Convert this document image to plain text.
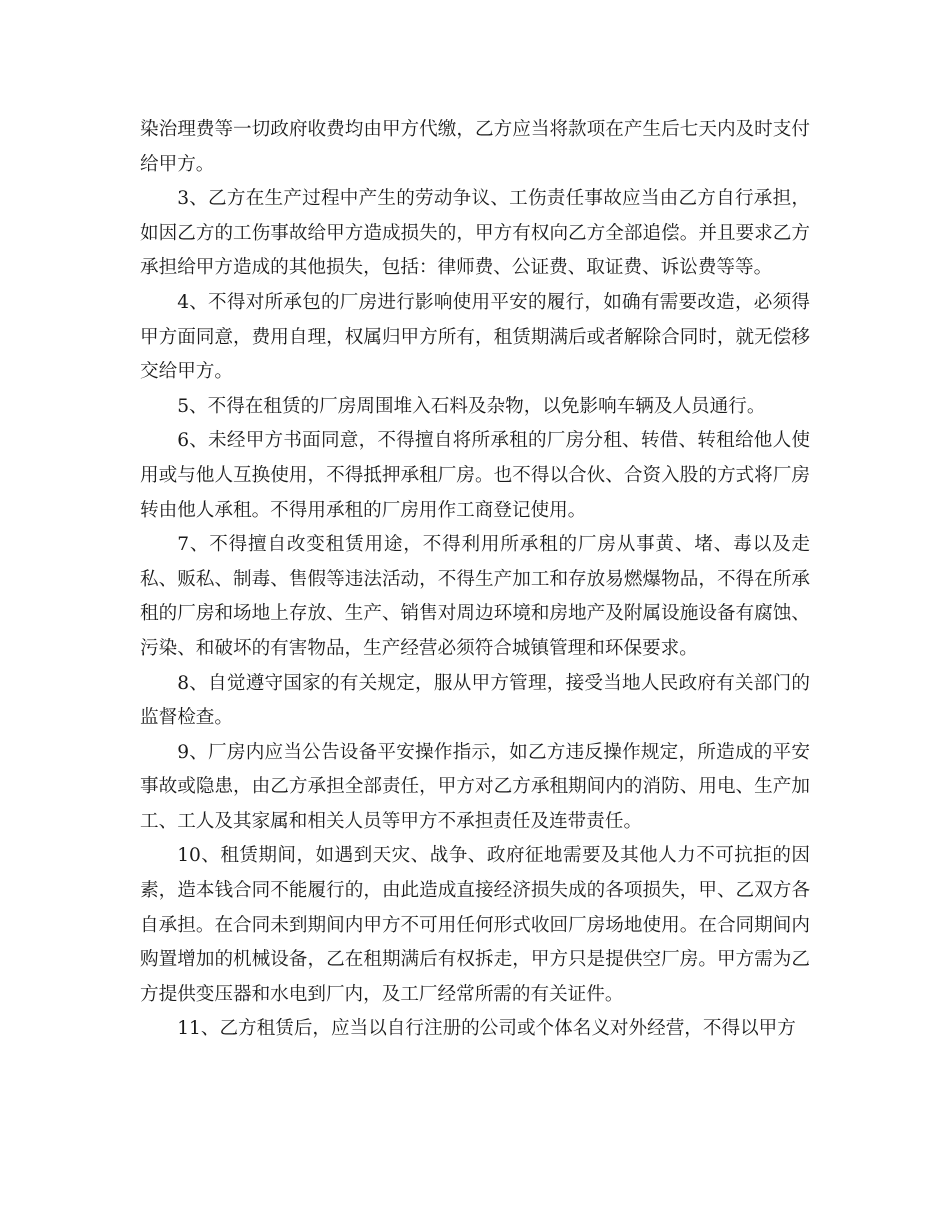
染治理费等一切政府收费均由甲方代缴，乙方应当将款项在产生后七天内及时支付给甲方。

3、乙方在生产过程中产生的劳动争议、工伤责任事故应当由乙方自行承担，如因乙方的工伤事故给甲方造成损失的，甲方有权向乙方全部追偿。并且要求乙方承担给甲方造成的其他损失，包括：律师费、公证费、取证费、诉讼费等等。

4、不得对所承包的厂房进行影响使用平安的履行，如确有需要改造，必须得甲方面同意，费用自理，权属归甲方所有，租赁期满后或者解除合同时，就无偿移交给甲方。

5、不得在租赁的厂房周围堆入石料及杂物，以免影响车辆及人员通行。

6、未经甲方书面同意，不得擅自将所承租的厂房分租、转借、转租给他人使用或与他人互换使用，不得抵押承租厂房。也不得以合伙、合资入股的方式将厂房转由他人承租。不得用承租的厂房用作工商登记使用。

7、不得擅自改变租赁用途，不得利用所承租的厂房从事黄、堵、毒以及走私、贩私、制毒、售假等违法活动，不得生产加工和存放易燃爆物品，不得在所承租的厂房和场地上存放、生产、销售对周边环境和房地产及附属设施设备有腐蚀、污染、和破坏的有害物品，生产经营必须符合城镇管理和环保要求。

8、自觉遵守国家的有关规定，服从甲方管理，接受当地人民政府有关部门的监督检查。

9、厂房内应当公告设备平安操作指示，如乙方违反操作规定，所造成的平安事故或隐患，由乙方承担全部责任，甲方对乙方承租期间内的消防、用电、生产加工、工人及其家属和相关人员等甲方不承担责任及连带责任。

10、租赁期间，如遇到天灾、战争、政府征地需要及其他人力不可抗拒的因素，造本钱合同不能履行的，由此造成直接经济损失成的各项损失，甲、乙双方各自承担。在合同未到期间内甲方不可用任何形式收回厂房场地使用。在合同期间内购置增加的机械设备，乙在租期满后有权拆走，甲方只是提供空厂房。甲方需为乙方提供变压器和水电到厂内，及工厂经常所需的有关证件。

11、乙方租赁后，应当以自行注册的公司或个体名义对外经营，不得以甲方
